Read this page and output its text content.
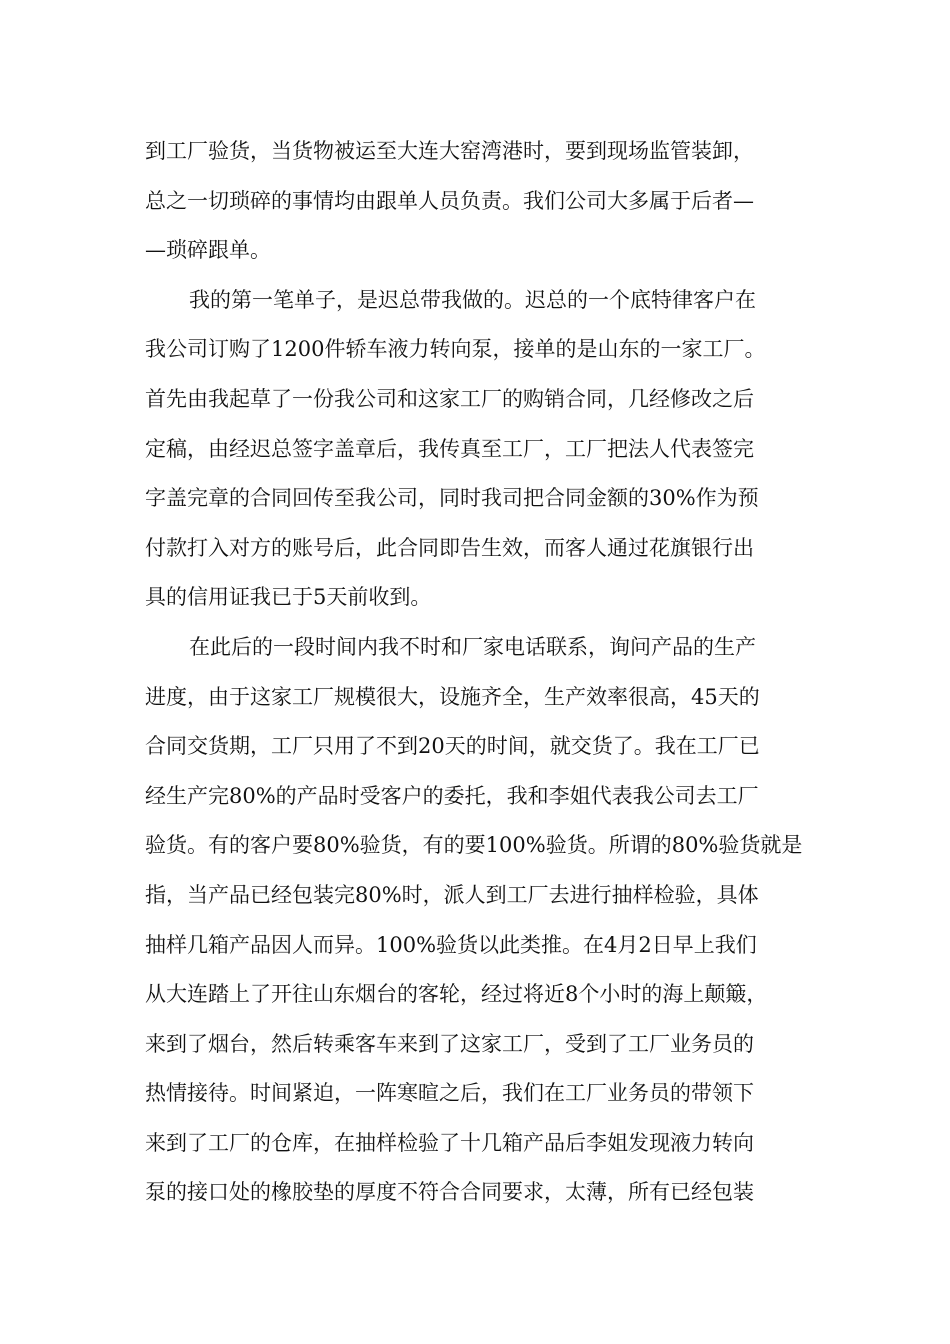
到工厂验货，当货物被运至大连大窑湾港时，要到现场监管装卸，
总之一切琐碎的事情均由跟单人员负责。我们公司大多属于后者—
—琐碎跟单。
我的第一笔单子，是迟总带我做的。迟总的一个底特律客户在
我公司订购了1200件轿车液力转向泵，接单的是山东的一家工厂。
首先由我起草了一份我公司和这家工厂的购销合同，几经修改之后
定稿，由经迟总签字盖章后，我传真至工厂，工厂把法人代表签完
字盖完章的合同回传至我公司，同时我司把合同金额的30%作为预
付款打入对方的账号后，此合同即告生效，而客人通过花旗银行出
具的信用证我已于5天前收到。
在此后的一段时间内我不时和厂家电话联系，询问产品的生产
进度，由于这家工厂规模很大，设施齐全，生产效率很高，45天的
合同交货期，工厂只用了不到20天的时间，就交货了。我在工厂已
经生产完80%的产品时受客户的委托，我和李姐代表我公司去工厂
验货。有的客户要80%验货，有的要100%验货。所谓的80%验货就是
指，当产品已经包装完80%时，派人到工厂去进行抽样检验，具体
抽样几箱产品因人而异。100%验货以此类推。在4月2日早上我们
从大连踏上了开往山东烟台的客轮，经过将近8个小时的海上颠簸，
来到了烟台，然后转乘客车来到了这家工厂，受到了工厂业务员的
热情接待。时间紧迫，一阵寒暄之后，我们在工厂业务员的带领下
来到了工厂的仓库，在抽样检验了十几箱产品后李姐发现液力转向
泵的接口处的橡胶垫的厚度不符合合同要求，太薄，所有已经包装
